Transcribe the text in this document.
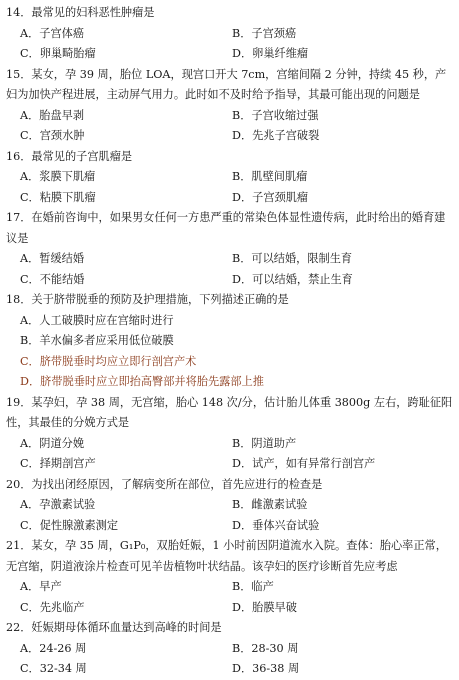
14．最常见的妇科恶性肿瘤是

A．子宫体癌	B．子宫颈癌
C．卵巢畸胎瘤	D．卵巢纤维瘤

15．某女，孕 39 周，胎位 LOA，现宫口开大 7cm，宫缩间隔 2 分钟，持续 45 秒，产妇为加快产程进展，主动屏气用力。此时如不及时给予指导，其最可能出现的问题是

A．胎盘早剥	B．子宫收缩过强
C．宫颈水肿	D．先兆子宫破裂

16．最常见的子宫肌瘤是

A．浆膜下肌瘤	B．肌壁间肌瘤
C．粘膜下肌瘤	D．子宫颈肌瘤

17．在婚前咨询中，如果男女任何一方患严重的常染色体显性遗传病，此时给出的婚育建议是

A．暂缓结婚	B．可以结婚，限制生育
C．不能结婚	D．可以结婚，禁止生育

18．关于脐带脱垂的预防及护理措施，下列描述正确的是

A．人工破膜时应在宫缩时进行
B．羊水偏多者应采用低位破膜
C．脐带脱垂时均应立即行剖宫产术
D．脐带脱垂时应立即抬高臀部并将胎先露部上推

19．某孕妇，孕 38 周，无宫缩，胎心 148 次/分，估计胎儿体重 3800g 左右，跨耻征阳性，其最佳的分娩方式是

A．阴道分娩	B．阴道助产
C．择期剖宫产	D．试产，如有异常行剖宫产

20．为找出闭经原因，了解病变所在部位，首先应进行的检查是

A．孕激素试验	B．雌激素试验
C．促性腺激素测定	D．垂体兴奋试验

21．某女，孕 35 周，G₁P₀，双胎妊娠，1 小时前因阴道流水入院。查体：胎心率正常，无宫缩，阴道液涂片检查可见羊齿植物叶状结晶。该孕妇的医疗诊断首先应考虑

A．早产	B．临产
C．先兆临产	D．胎膜早破

22．妊娠期母体循环血量达到高峰的时间是

A．24-26 周	B．28-30 周
C．32-34 周	D．36-38 周
